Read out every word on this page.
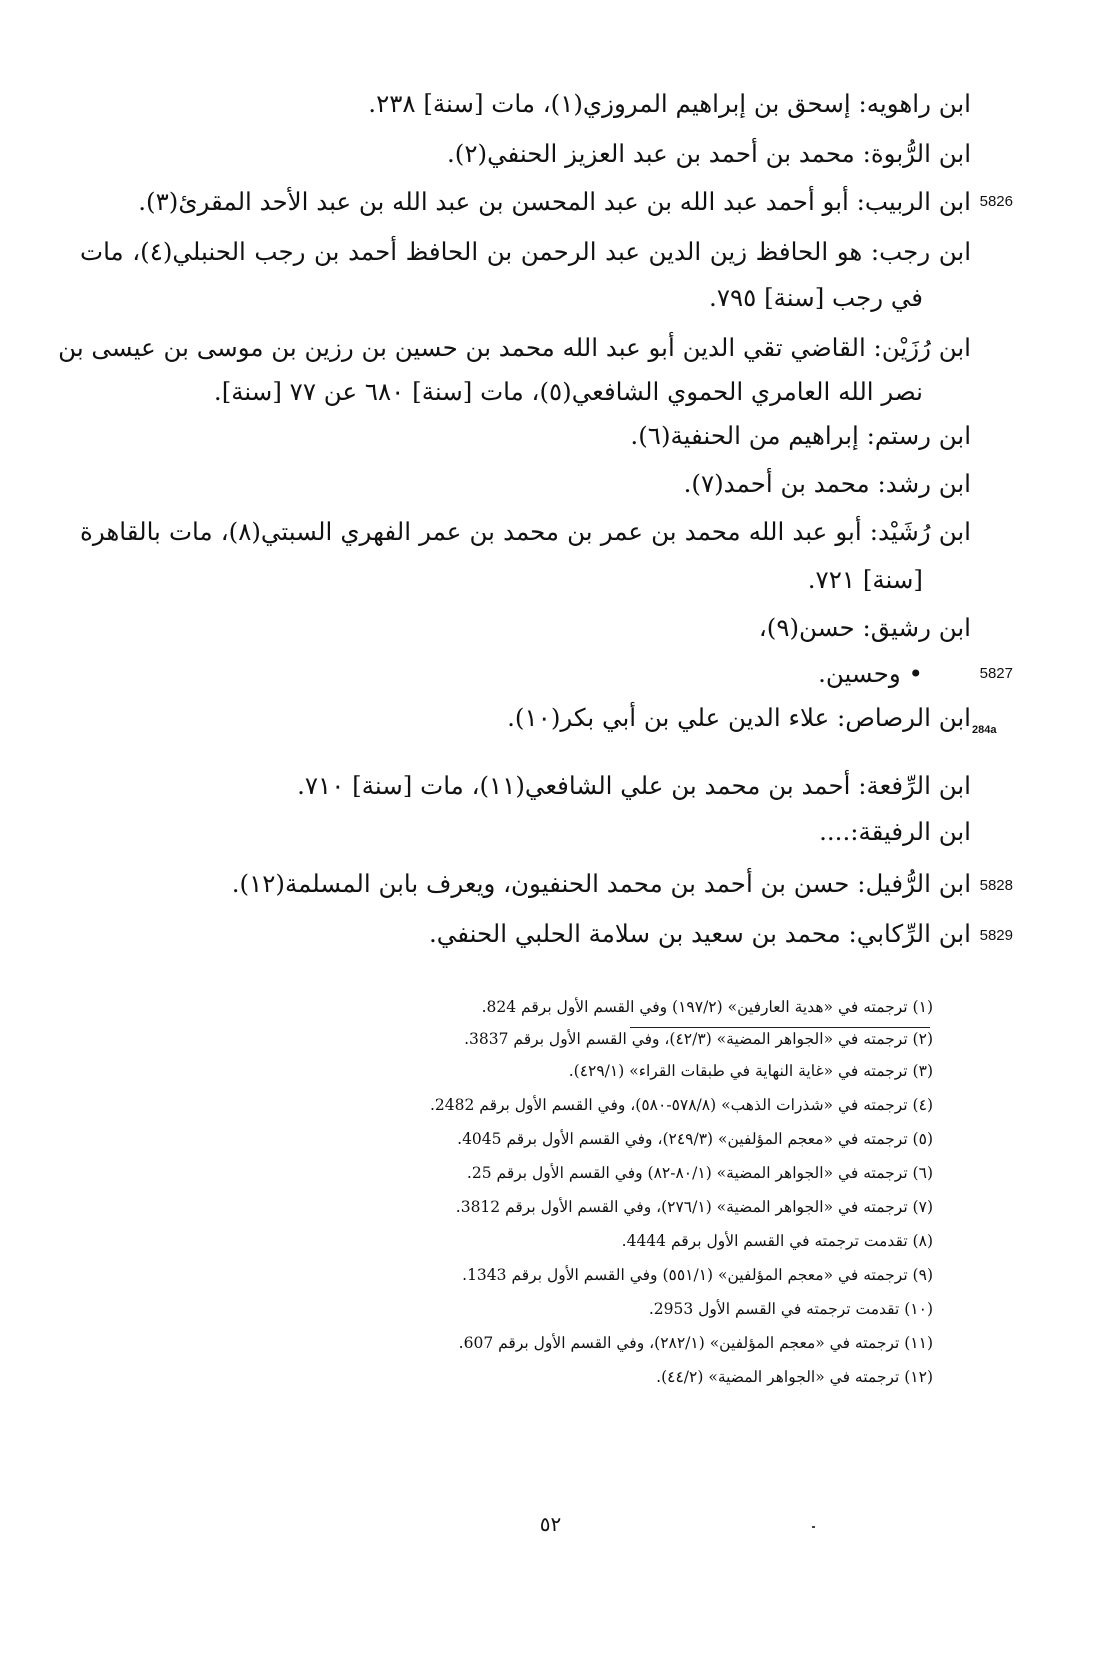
ابن راهويه: إسحق بن إبراهيم المروزي(١)، مات [سنة] ٢٣٨.
ابن الرُّبوة: محمد بن أحمد بن عبد العزيز الحنفي(٢).
5826
ابن الربيب: أبو أحمد عبد الله بن عبد المحسن بن عبد الله بن عبد الأحد المقرئ(٣).
ابن رجب: هو الحافظ زين الدين عبد الرحمن بن الحافظ أحمد بن رجب الحنبلي(٤)، مات
في رجب [سنة] ٧٩٥.
ابن رُزَيْن: القاضي تقي الدين أبو عبد الله محمد بن حسين بن رزين بن موسى بن عيسى بن
نصر الله العامري الحموي الشافعي(٥)، مات [سنة] ٦٨٠ عن ٧٧ [سنة].
ابن رستم: إبراهيم من الحنفية(٦).
ابن رشد: محمد بن أحمد(٧).
ابن رُشَيْد: أبو عبد الله محمد بن عمر بن محمد بن عمر الفهري السبتي(٨)، مات بالقاهرة
[سنة] ٧٢١.
ابن رشيق: حسن(٩)،
5827
• وحسين.
ابن الرصاص: علاء الدين علي بن أبي بكر(١٠). 284a
ابن الرِّفعة: أحمد بن محمد بن علي الشافعي(١١)، مات [سنة] ٧١٠.
ابن الرفيقة:....
5828
ابن الرُّفيل: حسن بن أحمد بن محمد الحنفيون، ويعرف بابن المسلمة(١٢).
5829
ابن الرِّكابي: محمد بن سعيد بن سلامة الحلبي الحنفي.
(١) ترجمته في «هدية العارفين» (١٩٧/٢) وفي القسم الأول برقم 824.
(٢) ترجمته في «الجواهر المضية» (٤٢/٣)، وفي القسم الأول برقم 3837.
(٣) ترجمته في «غاية النهاية في طبقات القراء» (٤٢٩/١).
(٤) ترجمته في «شذرات الذهب» (٥٧٨/٨-٥٨٠)، وفي القسم الأول برقم 2482.
(٥) ترجمته في «معجم المؤلفين» (٢٤٩/٣)، وفي القسم الأول برقم 4045.
(٦) ترجمته في «الجواهر المضية» (٨٠/١-٨٢) وفي القسم الأول برقم 25.
(٧) ترجمته في «الجواهر المضية» (٢٧٦/١)، وفي القسم الأول برقم 3812.
(٨) تقدمت ترجمته في القسم الأول برقم 4444.
(٩) ترجمته في «معجم المؤلفين» (٥٥١/١) وفي القسم الأول برقم 1343.
(١٠) تقدمت ترجمته في القسم الأول 2953.
(١١) ترجمته في «معجم المؤلفين» (٢٨٢/١)، وفي القسم الأول برقم 607.
(١٢) ترجمته في «الجواهر المضية» (٤٤/٢).
٥٢
